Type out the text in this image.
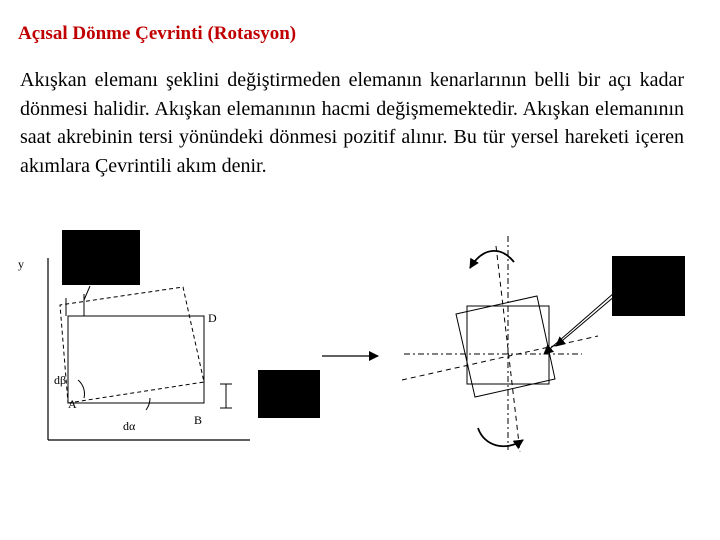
Açısal Dönme Çevrinti (Rotasyon)

Akışkan elemanı şeklini değiştirmeden elemanın kenarlarının belli bir açı kadar dönmesi halidir. Akışkan elemanının hacmi değişmemektedir. Akışkan elemanının saat akrebinin tersi yönündeki dönmesi pozitif alınır. Bu tür yersel hareketi içeren akımlara Çevrintili akım denir.

y
D
dβ
A
dα	B
